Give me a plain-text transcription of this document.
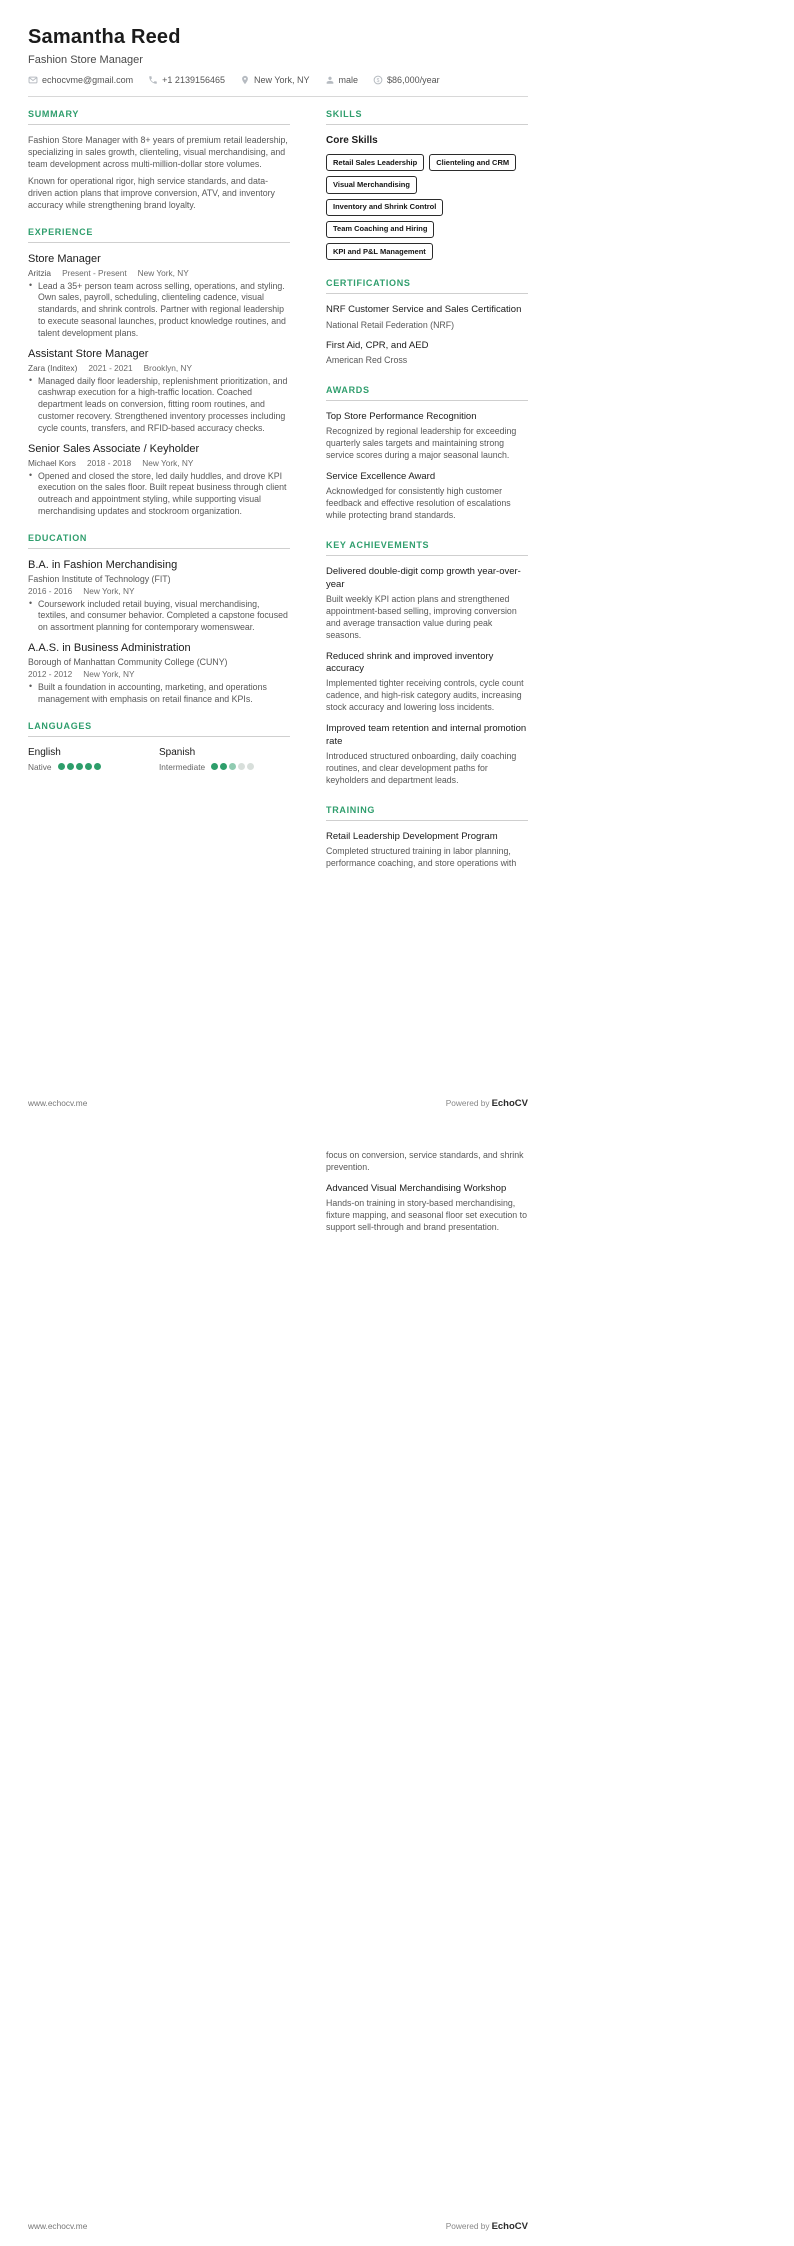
Samantha Reed
Fashion Store Manager
echocvme@gmail.com	+1 2139156465	New York, NY	male $ $86,000/year
SUMMARY

Fashion Store Manager with 8+ years of premium retail leadership, specializing in sales growth, clienteling, visual merchandising, and team development across multi-million-dollar store volumes.

Known for operational rigor, high service standards, and data-driven action plans that improve conversion, ATV, and inventory accuracy while strengthening brand loyalty.

EXPERIENCE
Store Manager
Aritzia Present - Present New York, NY
• Lead a 35+ person team across selling, operations, and styling. Own sales, payroll, scheduling, clienteling cadence, visual standards, and shrink controls. Partner with regional leadership to execute seasonal launches, product knowledge routines, and talent development plans.
Assistant Store Manager
Zara (Inditex) 2021 - 2021 Brooklyn, NY
• Managed daily floor leadership, replenishment prioritization, and cashwrap execution for a high-traffic location. Coached department leads on conversion, fitting room routines, and customer recovery. Strengthened inventory processes including cycle counts, transfers, and RFID-based accuracy checks.
Senior Sales Associate / Keyholder
Michael Kors 2018 - 2018 New York, NY
• Opened and closed the store, led daily huddles, and drove KPI execution on the sales floor. Built repeat business through client outreach and appointment styling, while supporting visual merchandising updates and stockroom organization.
EDUCATION
B.A. in Fashion Merchandising
Fashion Institute of Technology (FIT)
2016 - 2016 New York, NY
• Coursework included retail buying, visual merchandising, textiles, and consumer behavior. Completed a capstone focused on assortment planning for contemporary womenswear.
A.A.S. in Business Administration
Borough of Manhattan Community College (CUNY)
2012 - 2012 New York, NY
• Built a foundation in accounting, marketing, and operations management with emphasis on retail finance and KPIs.
LANGUAGES
English
Native
Spanish
Intermediate
SKILLS
Core Skills
Retail Sales Leadership	Clienteling and CRM
Visual Merchandising
Inventory and Shrink Control
Team Coaching and Hiring
KPI and P&L Management
CERTIFICATIONS
NRF Customer Service and Sales Certification
National Retail Federation (NRF)
First Aid, CPR, and AED
American Red Cross
AWARDS
Top Store Performance Recognition
Recognized by regional leadership for exceeding quarterly sales targets and maintaining strong service scores during a major seasonal launch.
Service Excellence Award
Acknowledged for consistently high customer feedback and effective resolution of escalations while protecting brand standards.
KEY ACHIEVEMENTS
Delivered double-digit comp growth year-over-year
Built weekly KPI action plans and strengthened appointment-based selling, improving conversion and average transaction value during peak seasons.
Reduced shrink and improved inventory accuracy
Implemented tighter receiving controls, cycle count cadence, and high-risk category audits, increasing stock accuracy and lowering loss incidents.
Improved team retention and internal promotion rate
Introduced structured onboarding, daily coaching routines, and clear development paths for keyholders and department leads.
TRAINING
Retail Leadership Development Program
Completed structured training in labor planning, performance coaching, and store operations with
www.echocv.me	Powered by EchoCV
focus on conversion, service standards, and shrink prevention.
Advanced Visual Merchandising Workshop
Hands-on training in story-based merchandising, fixture mapping, and seasonal floor set execution to support sell-through and brand presentation.
www.echocv.me	Powered by EchoCV
